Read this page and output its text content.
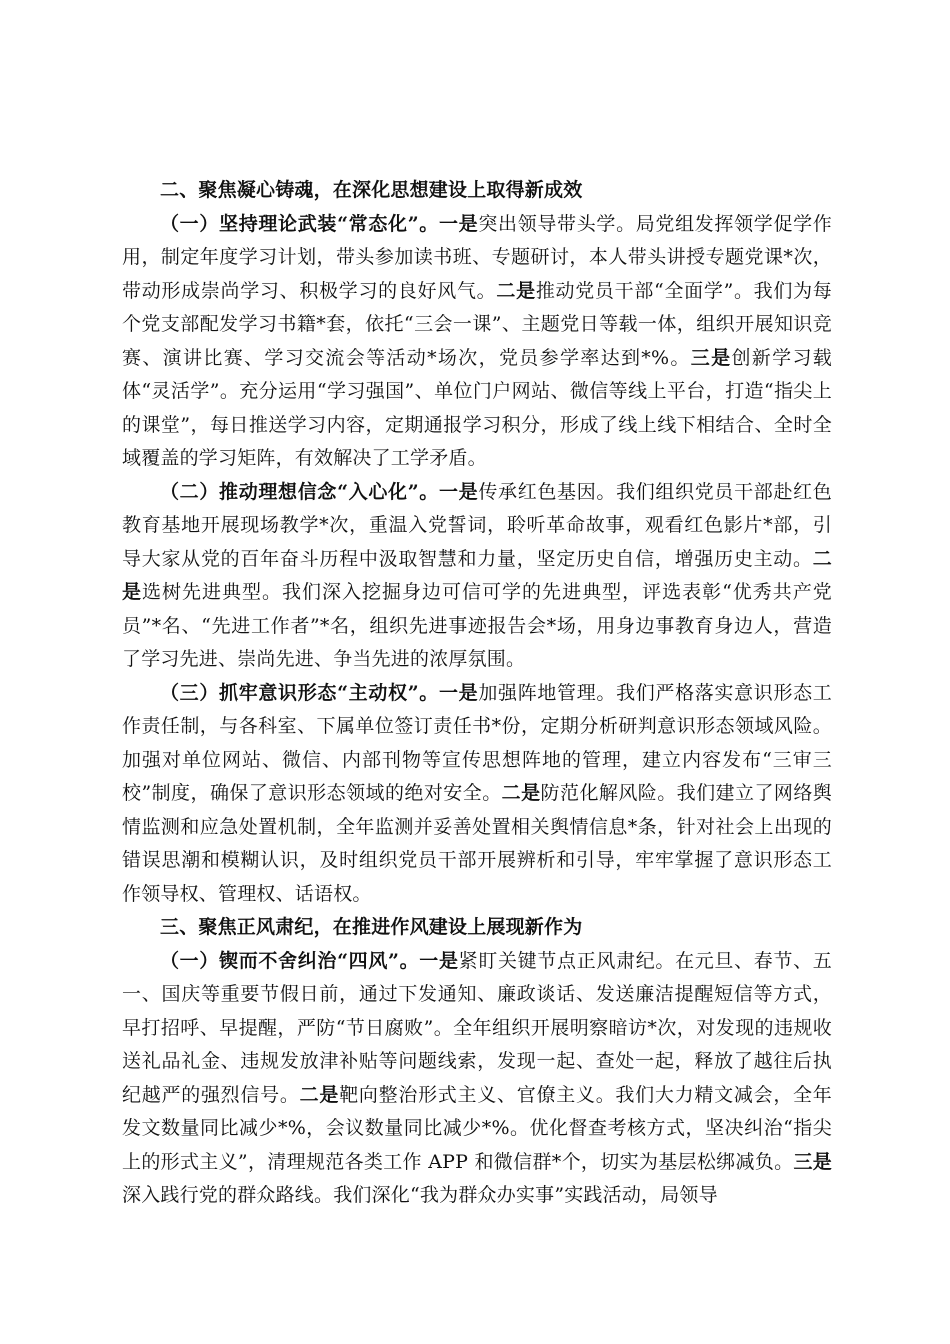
二、聚焦凝心铸魂，在深化思想建设上取得新成效

（一）坚持理论武装“常态化”。一是突出领导带头学。局党组发挥领学促学作用，制定年度学习计划，带头参加读书班、专题研讨，本人带头讲授专题党课*次，带动形成崇尚学习、积极学习的良好风气。二是推动党员干部“全面学”。我们为每个党支部配发学习书籍*套，依托“三会一课”、主题党日等载一体，组织开展知识竞赛、演讲比赛、学习交流会等活动*场次，党员参学率达到*%。三是创新学习载体“灵活学”。充分运用“学习强国”、单位门户网站、微信等线上平台，打造“指尖上的课堂”，每日推送学习内容，定期通报学习积分，形成了线上线下相结合、全时全域覆盖的学习矩阵，有效解决了工学矛盾。

（二）推动理想信念“入心化”。一是传承红色基因。我们组织党员干部赴红色教育基地开展现场教学*次，重温入党誓词，聆听革命故事，观看红色影片*部，引导大家从党的百年奋斗历程中汲取智慧和力量，坚定历史自信，增强历史主动。二是选树先进典型。我们深入挖掘身边可信可学的先进典型，评选表彰“优秀共产党员”*名、“先进工作者”*名，组织先进事迹报告会*场，用身边事教育身边人，营造了学习先进、崇尚先进、争当先进的浓厚氛围。

（三）抓牢意识形态“主动权”。一是加强阵地管理。我们严格落实意识形态工作责任制，与各科室、下属单位签订责任书*份，定期分析研判意识形态领域风险。加强对单位网站、微信、内部刊物等宣传思想阵地的管理，建立内容发布“三审三校”制度，确保了意识形态领域的绝对安全。二是防范化解风险。我们建立了网络舆情监测和应急处置机制，全年监测并妥善处置相关舆情信息*条，针对社会上出现的错误思潮和模糊认识，及时组织党员干部开展辨析和引导，牢牢掌握了意识形态工作领导权、管理权、话语权。

三、聚焦正风肃纪，在推进作风建设上展现新作为

（一）锲而不舍纠治“四风”。一是紧盯关键节点正风肃纪。在元旦、春节、五一、国庆等重要节假日前，通过下发通知、廉政谈话、发送廉洁提醒短信等方式，早打招呼、早提醒，严防“节日腐败”。全年组织开展明察暗访*次，对发现的违规收送礼品礼金、违规发放津补贴等问题线索，发现一起、查处一起，释放了越往后执纪越严的强烈信号。二是靶向整治形式主义、官僚主义。我们大力精文减会，全年发文数量同比减少*%，会议数量同比减少*%。优化督查考核方式，坚决纠治“指尖上的形式主义”，清理规范各类工作 APP 和微信群*个，切实为基层松绑减负。三是深入践行党的群众路线。我们深化“我为群众办实事”实践活动，局领导
